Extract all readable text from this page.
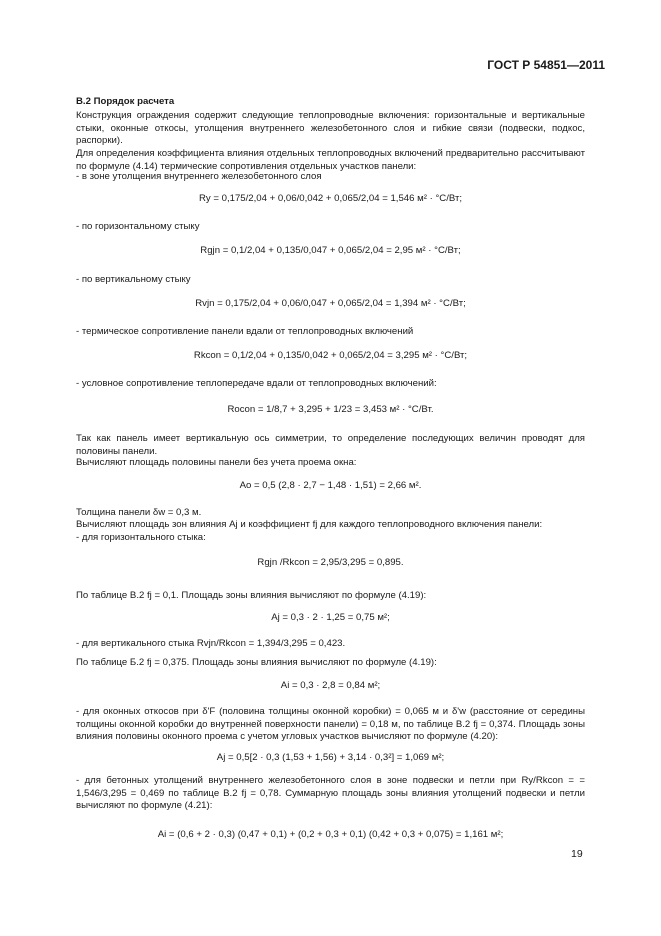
ГОСТ Р 54851—2011
В.2 Порядок расчета
Конструкция ограждения содержит следующие теплопроводные включения: горизонтальные и вертикальные стыки, оконные откосы, утолщения внутреннего железобетонного слоя и гибкие связи (подвески, подкос, распорки).
Для определения коэффициента влияния отдельных теплопроводных включений предварительно рассчитывают по формуле (4.14) термические сопротивления отдельных участков панели:
- в зоне утолщения внутреннего железобетонного слоя
Ry = 0,175/2,04 + 0,06/0,042 + 0,065/2,04 = 1,546 м² · °С/Вт;
- по горизонтальному стыку
Rgjn = 0,1/2,04 + 0,135/0,047 + 0,065/2,04 = 2,95 м² · °С/Вт;
- по вертикальному стыку
Rvjn = 0,175/2,04 + 0,06/0,047 + 0,065/2,04 = 1,394 м² · °С/Вт;
- термическое сопротивление панели вдали от теплопроводных включений
Rkcon = 0,1/2,04 + 0,135/0,042 + 0,065/2,04 = 3,295 м² · °С/Вт;
- условное сопротивление теплопередаче вдали от теплопроводных включений:
Rocon = 1/8,7 + 3,295 + 1/23 = 3,453 м² · °С/Вт.
Так как панель имеет вертикальную ось симметрии, то определение последующих величин проводят для половины панели.
Вычисляют площадь половины панели без учета проема окна:
Ao = 0,5 (2,8 · 2,7 − 1,48 · 1,51) = 2,66 м².
Толщина панели δw = 0,3 м.
Вычисляют площадь зон влияния Aj и коэффициент fj для каждого теплопроводного включения панели:
- для горизонтального стыка:
Rgjn /Rkcon = 2,95/3,295 = 0,895.
По таблице В.2 fj = 0,1. Площадь зоны влияния вычисляют по формуле (4.19):
Aj = 0,3 · 2 · 1,25 = 0,75 м²;
- для вертикального стыка Rvjn/Rkcon = 1,394/3,295 = 0,423.
По таблице Б.2 fj = 0,375. Площадь зоны влияния вычисляют по формуле (4.19):
Ai = 0,3 · 2,8 = 0,84 м²;
- для оконных откосов при δ'F (половина толщины оконной коробки) = 0,065 м и δ'w (расстояние от середины толщины оконной коробки до внутренней поверхности панели) = 0,18 м, по таблице В.2 fj = 0,374. Площадь зоны влияния половины оконного проема с учетом угловых участков вычисляют по формуле (4.20):
Aj = 0,5[2 · 0,3 (1,53 + 1,56) + 3,14 · 0,3²] = 1,069 м²;
- для бетонных утолщений внутреннего железобетонного слоя в зоне подвески и петли при Ry/Rkcon = = 1,546/3,295 = 0,469 по таблице В.2 fj = 0,78. Суммарную площадь зоны влияния утолщений подвески и петли вычисляют по формуле (4.21):
Ai = (0,6 + 2 · 0,3) (0,47 + 0,1) + (0,2 + 0,3 + 0,1) (0,42 + 0,3 + 0,075) = 1,161 м²;
19
